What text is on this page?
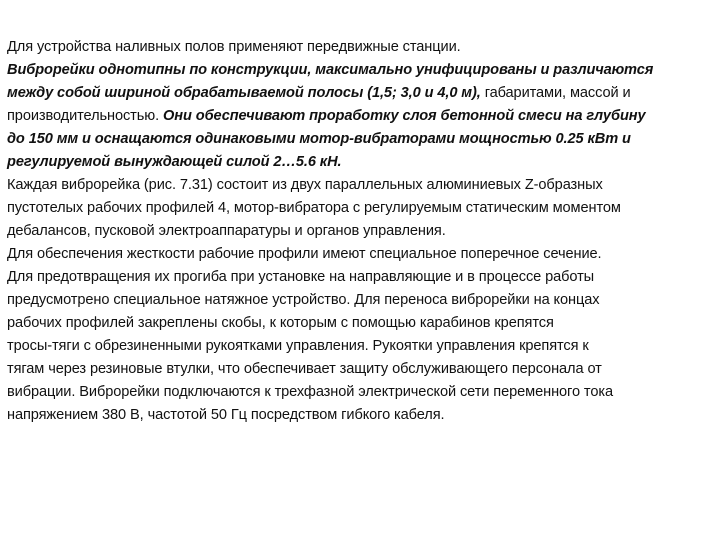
Для устройства наливных полов применяют передвижные станции.
Виброрейки однотипны по конструкции, максимально унифицированы и различаются
между собой шириной обрабатываемой полосы (1,5; 3,0 и 4,0 м), габаритами, массой и
производительностью. Они обеспечивают проработку слоя бетонной смеси на глубину
до 150 мм и оснащаются одинаковыми мотор-вибраторами мощностью 0.25 кВт и
регулируемой вынуждающей силой 2…5.6 кН.
Каждая виброрейка (рис. 7.31) состоит из двух параллельных алюминиевых Z-образных
пустотелых рабочих профилей 4, мотор-вибратора с регулируемым статическим моментом
дебалансов, пусковой электроаппаратуры и органов управления.
Для обеспечения жесткости рабочие профили имеют специальное поперечное сечение.
Для предотвращения их прогиба при установке на направляющие и в процессе работы
предусмотрено специальное натяжное устройство. Для переноса виброрейки на концах
рабочих профилей закреплены скобы, к которым с помощью карабинов крепятся
тросы-тяги с обрезиненными рукоятками управления. Рукоятки управления крепятся к
тягам через резиновые втулки, что обеспечивает защиту обслуживающего персонала от
вибрации. Виброрейки подключаются к трехфазной электрической сети переменного тока
напряжением 380 В, частотой 50 Гц посредством гибкого кабеля.
